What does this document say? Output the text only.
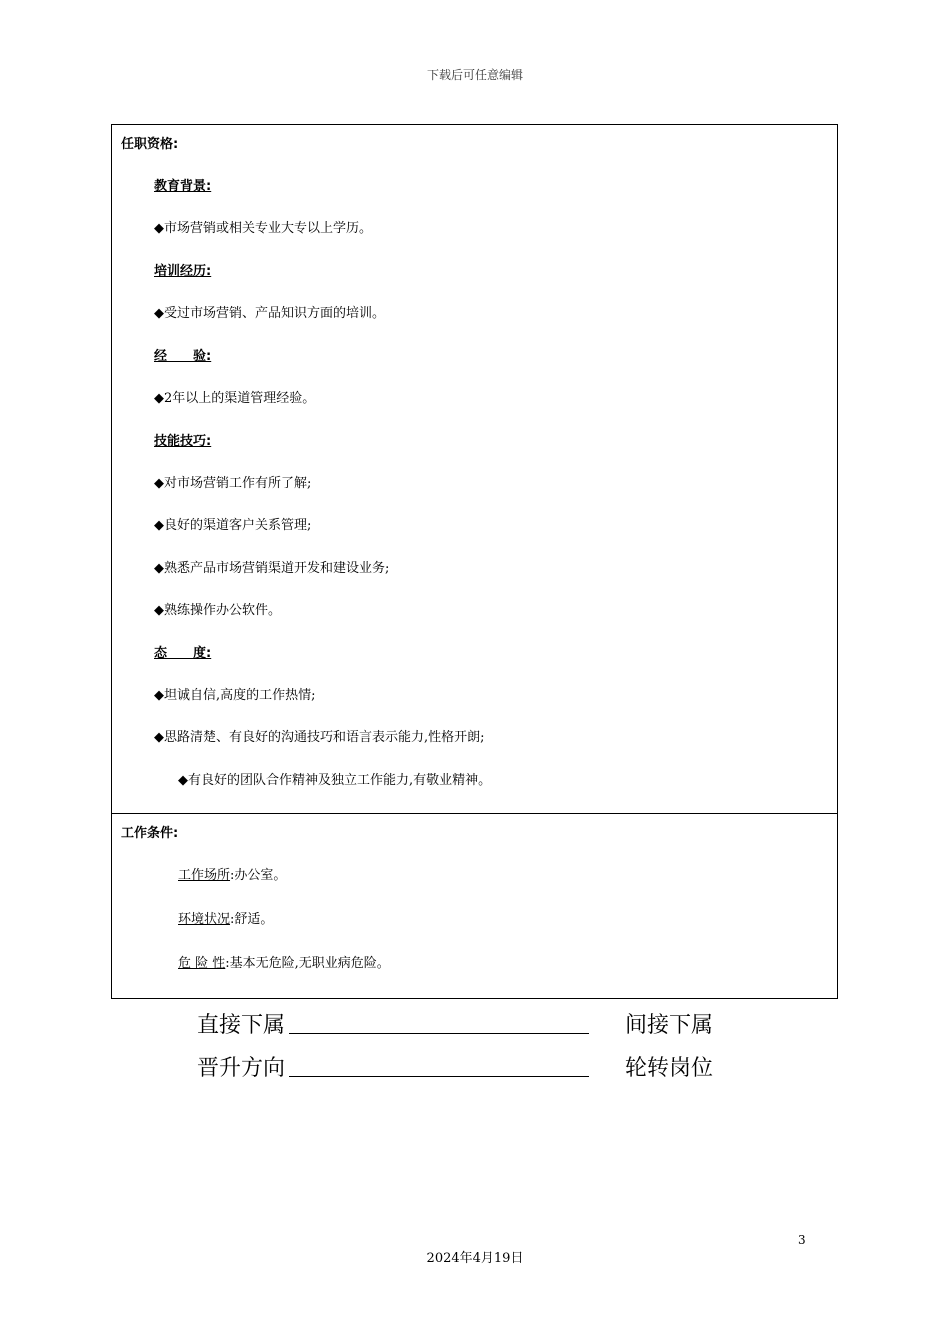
下载后可任意编辑
任职资格:
教育背景:
◆市场营销或相关专业大专以上学历。
培训经历:
◆受过市场营销、产品知识方面的培训。
经　　验:
◆2年以上的渠道管理经验。
技能技巧:
◆对市场营销工作有所了解;
◆良好的渠道客户关系管理;
◆熟悉产品市场营销渠道开发和建设业务;
◆熟练操作办公软件。
态　　度:
◆坦诚自信,高度的工作热情;
◆思路清楚、有良好的沟通技巧和语言表示能力,性格开朗;
◆有良好的团队合作精神及独立工作能力,有敬业精神。
工作条件:
工作场所:办公室。
环境状况:舒适。
危 险 性:基本无危险,无职业病危险。
直接下属	间接下属
晋升方向	轮转岗位
3
2024年4月19日
